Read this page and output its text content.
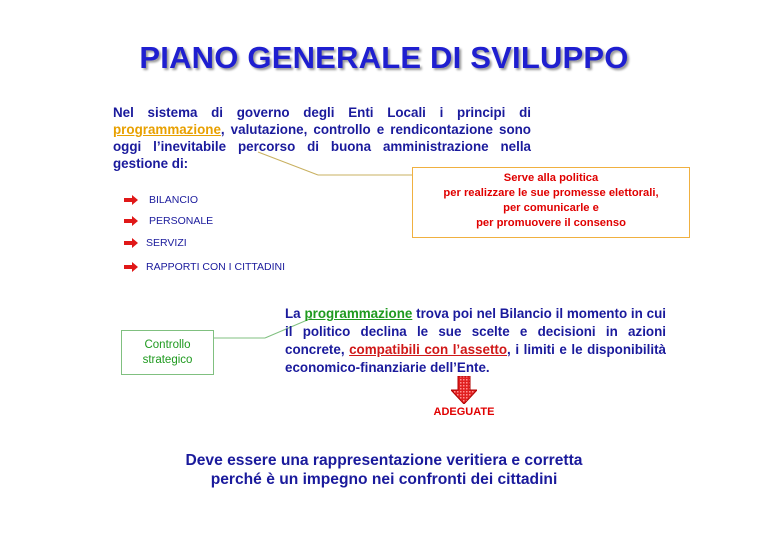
PIANO GENERALE DI SVILUPPO
Nel sistema di governo degli Enti Locali i principi di programmazione, valutazione, controllo e rendicontazione sono oggi l’inevitabile percorso di buona amministrazione nella gestione di:
Serve alla politica
per realizzare le sue promesse elettorali,
per comunicarle e
per promuovere il consenso
BILANCIO
PERSONALE
SERVIZI
RAPPORTI CON I CITTADINI
La programmazione trova poi nel Bilancio il momento in cui il politico declina le sue scelte e decisioni in azioni concrete, compatibili con l’assetto, i limiti e le disponibilità economico-finanziarie dell’Ente.
Controllo
strategico
ADEGUATE
Deve essere una rappresentazione veritiera e corretta
perché è un impegno nei confronti dei cittadini
